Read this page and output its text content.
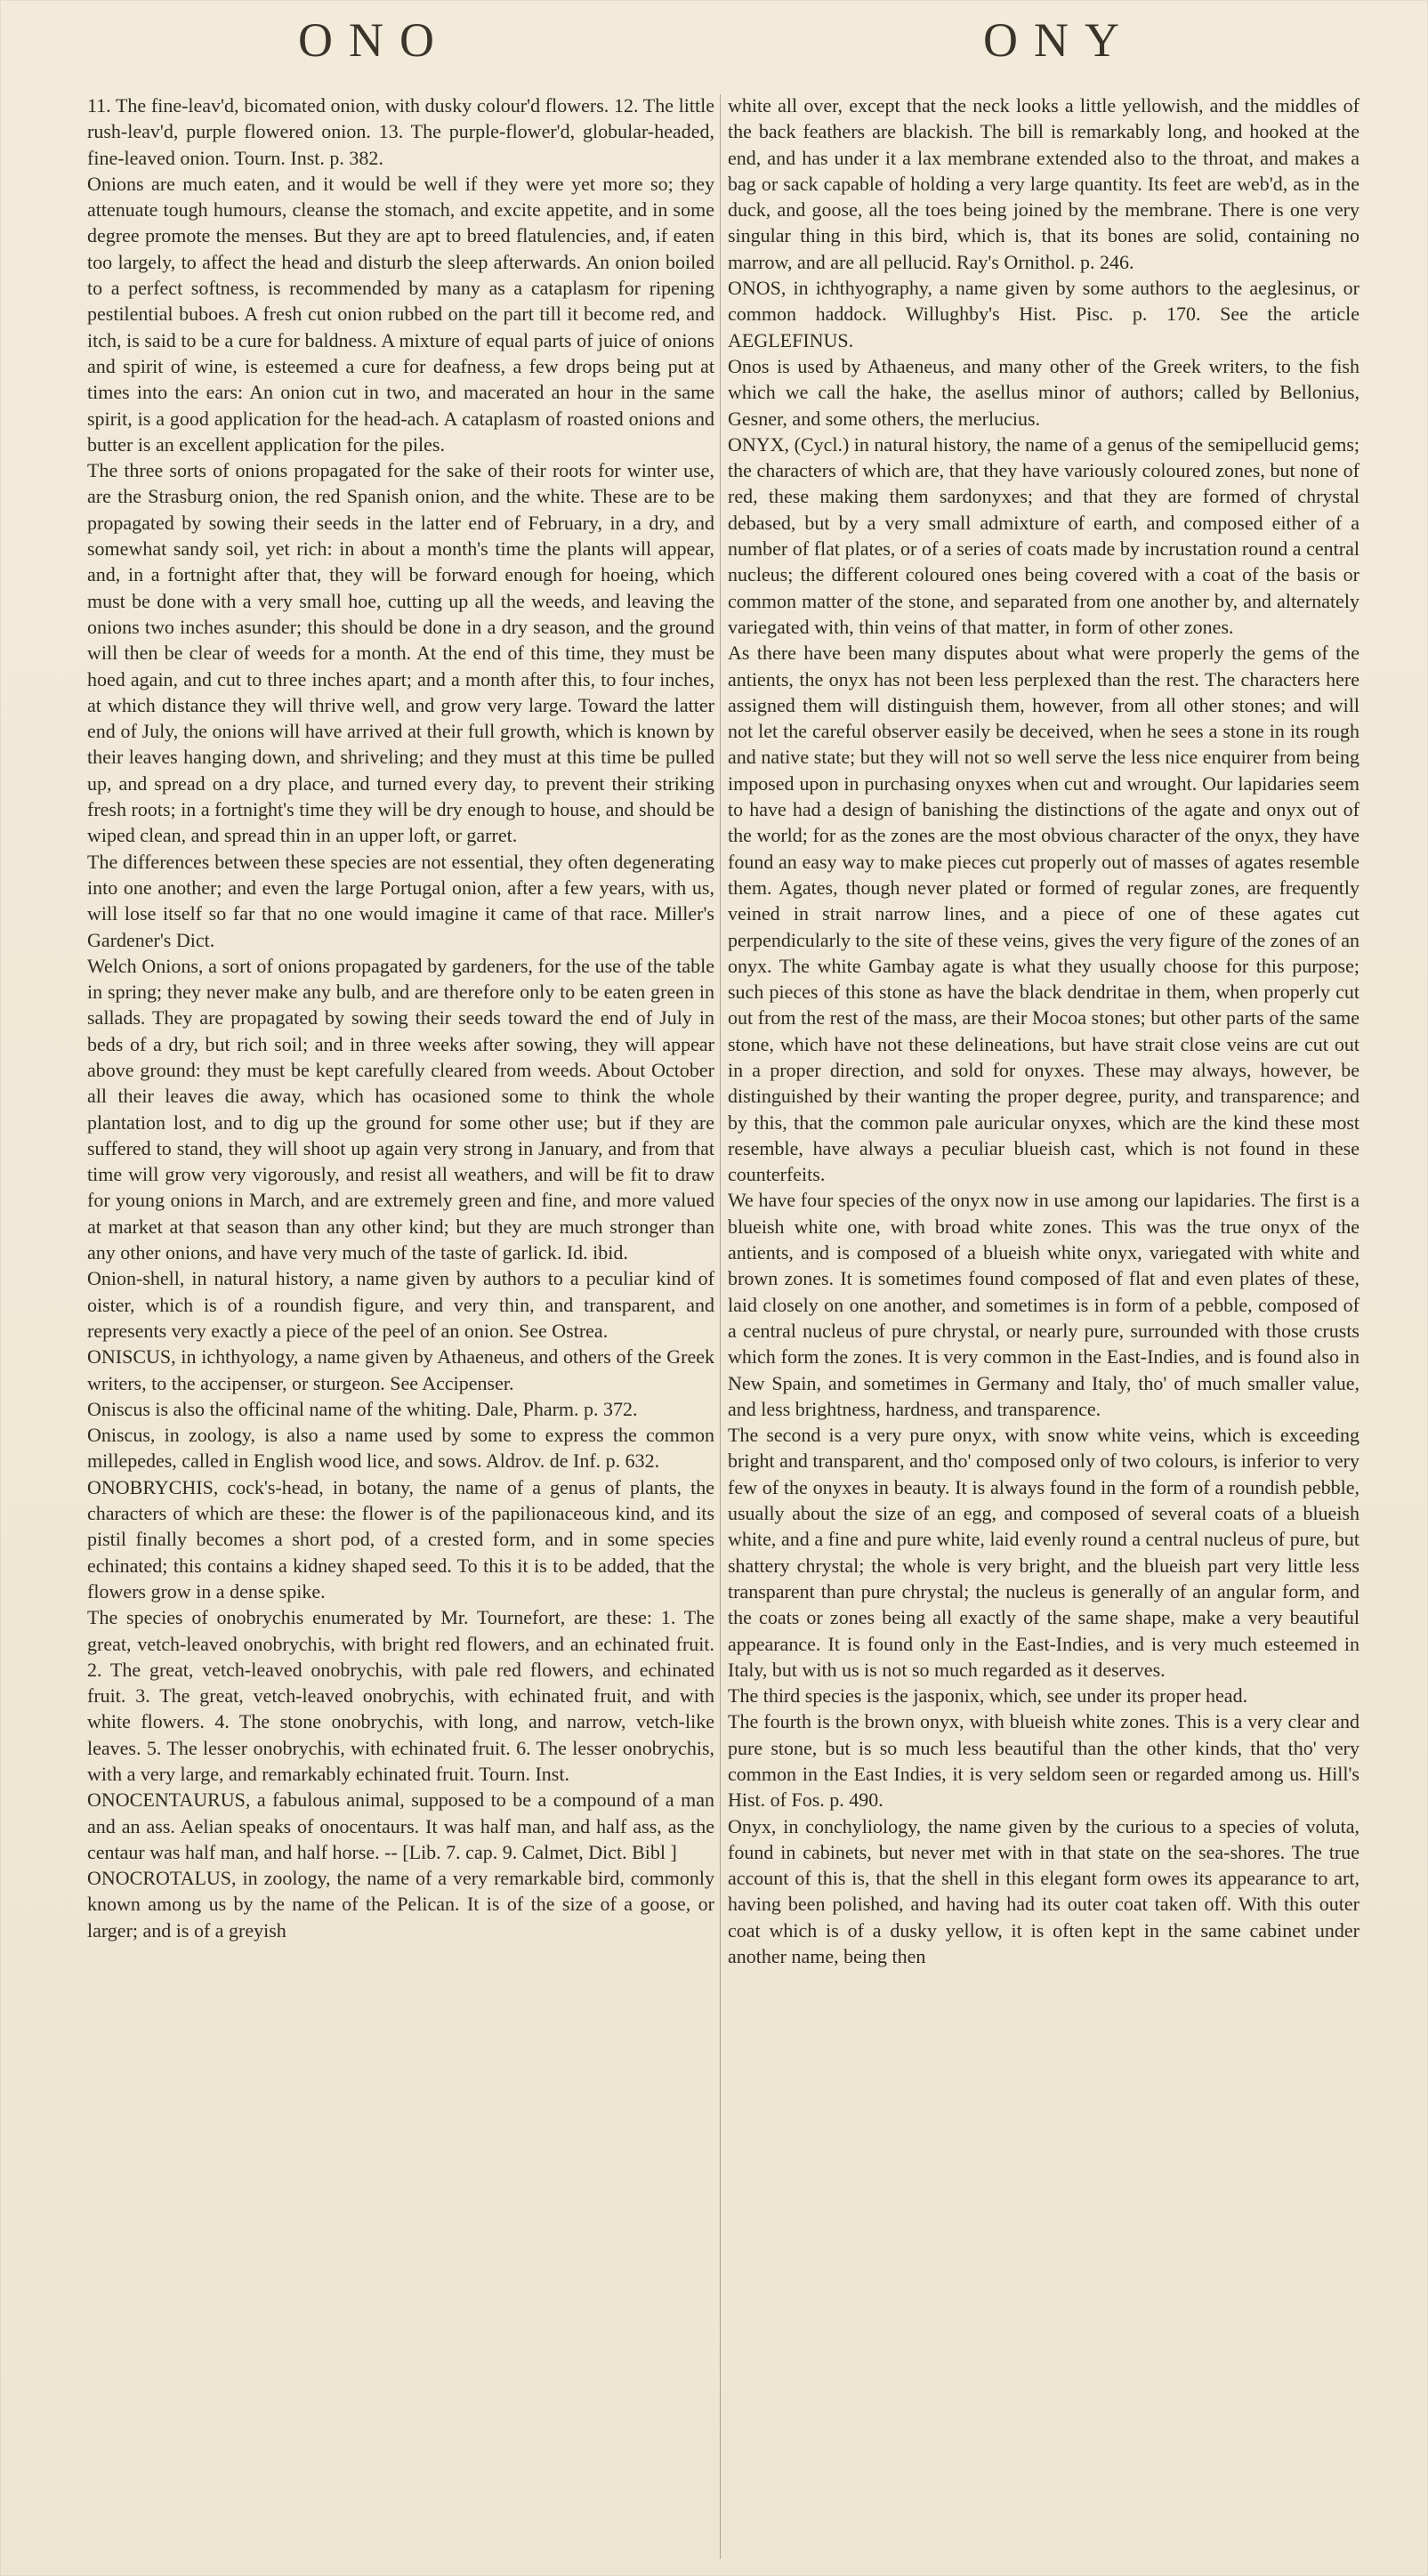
ONO	ONY

11. The fine-leav'd, bicomated onion, with dusky colour'd flowers. 12. The little rush-leav'd, purple flowered onion. 13. The purple-flower'd, globular-headed, fine-leaved onion. Tourn. Inst. p. 382.

Onions are much eaten, and it would be well if they were yet more so; they attenuate tough humours, cleanse the stomach, and excite appetite, and in some degree promote the menses. But they are apt to breed flatulencies, and, if eaten too largely, to affect the head and disturb the sleep afterwards. An onion boiled to a perfect softness, is recommended by many as a cataplasm for ripening pestilential buboes. A fresh cut onion rubbed on the part till it become red, and itch, is said to be a cure for baldness. A mixture of equal parts of juice of onions and spirit of wine, is esteemed a cure for deafness, a few drops being put at times into the ears: An onion cut in two, and macerated an hour in the same spirit, is a good application for the head-ach. A cataplasm of roasted onions and butter is an excellent application for the piles.

The three sorts of onions propagated for the sake of their roots for winter use, are the Strasburg onion, the red Spanish onion, and the white. These are to be propagated by sowing their seeds in the latter end of February, in a dry, and somewhat sandy soil, yet rich: in about a month's time the plants will appear, and, in a fortnight after that, they will be forward enough for hoeing, which must be done with a very small hoe, cutting up all the weeds, and leaving the onions two inches asunder; this should be done in a dry season, and the ground will then be clear of weeds for a month. At the end of this time, they must be hoed again, and cut to three inches apart; and a month after this, to four inches, at which distance they will thrive well, and grow very large. Toward the latter end of July, the onions will have arrived at their full growth, which is known by their leaves hanging down, and shriveling; and they must at this time be pulled up, and spread on a dry place, and turned every day, to prevent their striking fresh roots; in a fortnight's time they will be dry enough to house, and should be wiped clean, and spread thin in an upper loft, or garret.

The differences between these species are not essential, they often degenerating into one another; and even the large Portugal onion, after a few years, with us, will lose itself so far that no one would imagine it came of that race. Miller's Gardener's Dict.

Welch Onions, a sort of onions propagated by gardeners, for the use of the table in spring; they never make any bulb, and are therefore only to be eaten green in sallads. They are propagated by sowing their seeds toward the end of July in beds of a dry, but rich soil; and in three weeks after sowing, they will appear above ground: they must be kept carefully cleared from weeds. About October all their leaves die away, which has ocasioned some to think the whole plantation lost, and to dig up the ground for some other use; but if they are suffered to stand, they will shoot up again very strong in January, and from that time will grow very vigorously, and resist all weathers, and will be fit to draw for young onions in March, and are extremely green and fine, and more valued at market at that season than any other kind; but they are much stronger than any other onions, and have very much of the taste of garlick. Id. ibid.

Onion-shell, in natural history, a name given by authors to a peculiar kind of oister, which is of a roundish figure, and very thin, and transparent, and represents very exactly a piece of the peel of an onion. See Ostrea.

ONISCUS, in ichthyology, a name given by Athaeneus, and others of the Greek writers, to the accipenser, or sturgeon. See Accipenser.

Oniscus is also the officinal name of the whiting. Dale, Pharm. p. 372.

Oniscus, in zoology, is also a name used by some to express the common millepedes, called in English wood lice, and sows. Aldrov. de Inf. p. 632.

ONOBRYCHIS, cock's-head, in botany, the name of a genus of plants, the characters of which are these: the flower is of the papilionaceous kind, and its pistil finally becomes a short pod, of a crested form, and in some species echinated; this contains a kidney shaped seed. To this it is to be added, that the flowers grow in a dense spike.

The species of onobrychis enumerated by Mr. Tournefort, are these: 1. The great, vetch-leaved onobrychis, with bright red flowers, and an echinated fruit. 2. The great, vetch-leaved onobrychis, with pale red flowers, and echinated fruit. 3. The great, vetch-leaved onobrychis, with echinated fruit, and with white flowers. 4. The stone onobrychis, with long, and narrow, vetch-like leaves. 5. The lesser onobrychis, with echinated fruit. 6. The lesser onobrychis, with a very large, and remarkably echinated fruit. Tourn. Inst.

ONOCENTAURUS, a fabulous animal, supposed to be a compound of a man and an ass. Aelian speaks of onocentaurs. It was half man, and half ass, as the centaur was half man, and half horse. -- [Lib. 7. cap. 9. Calmet, Dict. Bibl ]

ONOCROTALUS, in zoology, the name of a very remarkable bird, commonly known among us by the name of the Pelican. It is of the size of a goose, or larger; and is of a greyish

white all over, except that the neck looks a little yellowish, and the middles of the back feathers are blackish. The bill is remarkably long, and hooked at the end, and has under it a lax membrane extended also to the throat, and makes a bag or sack capable of holding a very large quantity. Its feet are web'd, as in the duck, and goose, all the toes being joined by the membrane. There is one very singular thing in this bird, which is, that its bones are solid, containing no marrow, and are all pellucid. Ray's Ornithol. p. 246.

ONOS, in ichthyography, a name given by some authors to the aeglesinus, or common haddock. Willughby's Hist. Pisc. p. 170. See the article AEGLEFINUS.

Onos is used by Athaeneus, and many other of the Greek writers, to the fish which we call the hake, the asellus minor of authors; called by Bellonius, Gesner, and some others, the merlucius.

ONYX, (Cycl.) in natural history, the name of a genus of the semipellucid gems; the characters of which are, that they have variously coloured zones, but none of red, these making them sardonyxes; and that they are formed of chrystal debased, but by a very small admixture of earth, and composed either of a number of flat plates, or of a series of coats made by incrustation round a central nucleus; the different coloured ones being covered with a coat of the basis or common matter of the stone, and separated from one another by, and alternately variegated with, thin veins of that matter, in form of other zones.

As there have been many disputes about what were properly the gems of the antients, the onyx has not been less perplexed than the rest. The characters here assigned them will distinguish them, however, from all other stones; and will not let the careful observer easily be deceived, when he sees a stone in its rough and native state; but they will not so well serve the less nice enquirer from being imposed upon in purchasing onyxes when cut and wrought. Our lapidaries seem to have had a design of banishing the distinctions of the agate and onyx out of the world; for as the zones are the most obvious character of the onyx, they have found an easy way to make pieces cut properly out of masses of agates resemble them. Agates, though never plated or formed of regular zones, are frequently veined in strait narrow lines, and a piece of one of these agates cut perpendicularly to the site of these veins, gives the very figure of the zones of an onyx. The white Gambay agate is what they usually choose for this purpose; such pieces of this stone as have the black dendritae in them, when properly cut out from the rest of the mass, are their Mocoa stones; but other parts of the same stone, which have not these delineations, but have strait close veins are cut out in a proper direction, and sold for onyxes. These may always, however, be distinguished by their wanting the proper degree, purity, and transparence; and by this, that the common pale auricular onyxes, which are the kind these most resemble, have always a peculiar blueish cast, which is not found in these counterfeits.

We have four species of the onyx now in use among our lapidaries. The first is a blueish white one, with broad white zones. This was the true onyx of the antients, and is composed of a blueish white onyx, variegated with white and brown zones. It is sometimes found composed of flat and even plates of these, laid closely on one another, and sometimes is in form of a pebble, composed of a central nucleus of pure chrystal, or nearly pure, surrounded with those crusts which form the zones. It is very common in the East-Indies, and is found also in New Spain, and sometimes in Germany and Italy, tho' of much smaller value, and less brightness, hardness, and transparence.

The second is a very pure onyx, with snow white veins, which is exceeding bright and transparent, and tho' composed only of two colours, is inferior to very few of the onyxes in beauty. It is always found in the form of a roundish pebble, usually about the size of an egg, and composed of several coats of a blueish white, and a fine and pure white, laid evenly round a central nucleus of pure, but shattery chrystal; the whole is very bright, and the blueish part very little less transparent than pure chrystal; the nucleus is generally of an angular form, and the coats or zones being all exactly of the same shape, make a very beautiful appearance. It is found only in the East-Indies, and is very much esteemed in Italy, but with us is not so much regarded as it deserves.

The third species is the jasponix, which, see under its proper head.

The fourth is the brown onyx, with blueish white zones. This is a very clear and pure stone, but is so much less beautiful than the other kinds, that tho' very common in the East Indies, it is very seldom seen or regarded among us. Hill's Hist. of Fos. p. 490.

Onyx, in conchyliology, the name given by the curious to a species of voluta, found in cabinets, but never met with in that state on the sea-shores. The true account of this is, that the shell in this elegant form owes its appearance to art, having been polished, and having had its outer coat taken off. With this outer coat which is of a dusky yellow, it is often kept in the same cabinet under another name, being then
